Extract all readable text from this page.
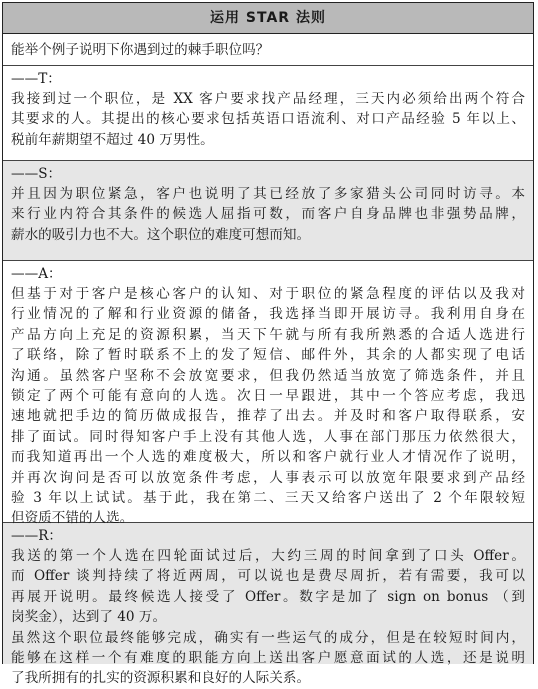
运用 STAR 法则
能举个例子说明下你遇到过的棘手职位吗？
——T：
我接到过一个职位，是 XX 客户要求找产品经理，三天内必须给出两个符合
其要求的人。其提出的核心要求包括英语口语流利、对口产品经验 5 年以上、
税前年薪期望不超过 40 万男性。
——S：
并且因为职位紧急，客户也说明了其已经放了多家猎头公司同时访寻。本
来行业内符合其条件的候选人屈指可数，而客户自身品牌也非强势品牌，
薪水的吸引力也不大。这个职位的难度可想而知。
——A：
但基于对于客户是核心客户的认知、对于职位的紧急程度的评估以及我对
行业情况的了解和行业资源的储备，我选择当即开展访寻。我利用自身在
产品方向上充足的资源积累，当天下午就与所有我所熟悉的合适人选进行
了联络，除了暂时联系不上的发了短信、邮件外，其余的人都实现了电话
沟通。虽然客户坚称不会放宽要求，但我仍然适当放宽了筛选条件，并且
锁定了两个可能有意向的人选。次日一早跟进，其中一个答应考虑，我迅
速地就把手边的简历做成报告，推荐了出去。并及时和客户取得联系，安
排了面试。同时得知客户手上没有其他人选，人事在部门那压力依然很大，
而我知道再出一个人选的难度极大，所以和客户就行业人才情况作了说明，
并再次询问是否可以放宽条件考虑，人事表示可以放宽年限要求到产品经
验 3 年以上试试。基于此，我在第二、三天又给客户送出了 2 个年限较短
但资质不错的人选。
——R：
我送的第一个人选在四轮面试过后，大约三周的时间拿到了口头 Offer。
而 Offer 谈判持续了将近两周，可以说也是费尽周折，若有需要，我可以
再展开说明。最终候选人接受了 Offer。数字是加了 sign on bonus （到
岗奖金），达到了 40 万。
虽然这个职位最终能够完成，确实有一些运气的成分，但是在较短时间内，
能够在这样一个有难度的职能方向上送出客户愿意面试的人选，还是说明
了我所拥有的扎实的资源积累和良好的人际关系。
